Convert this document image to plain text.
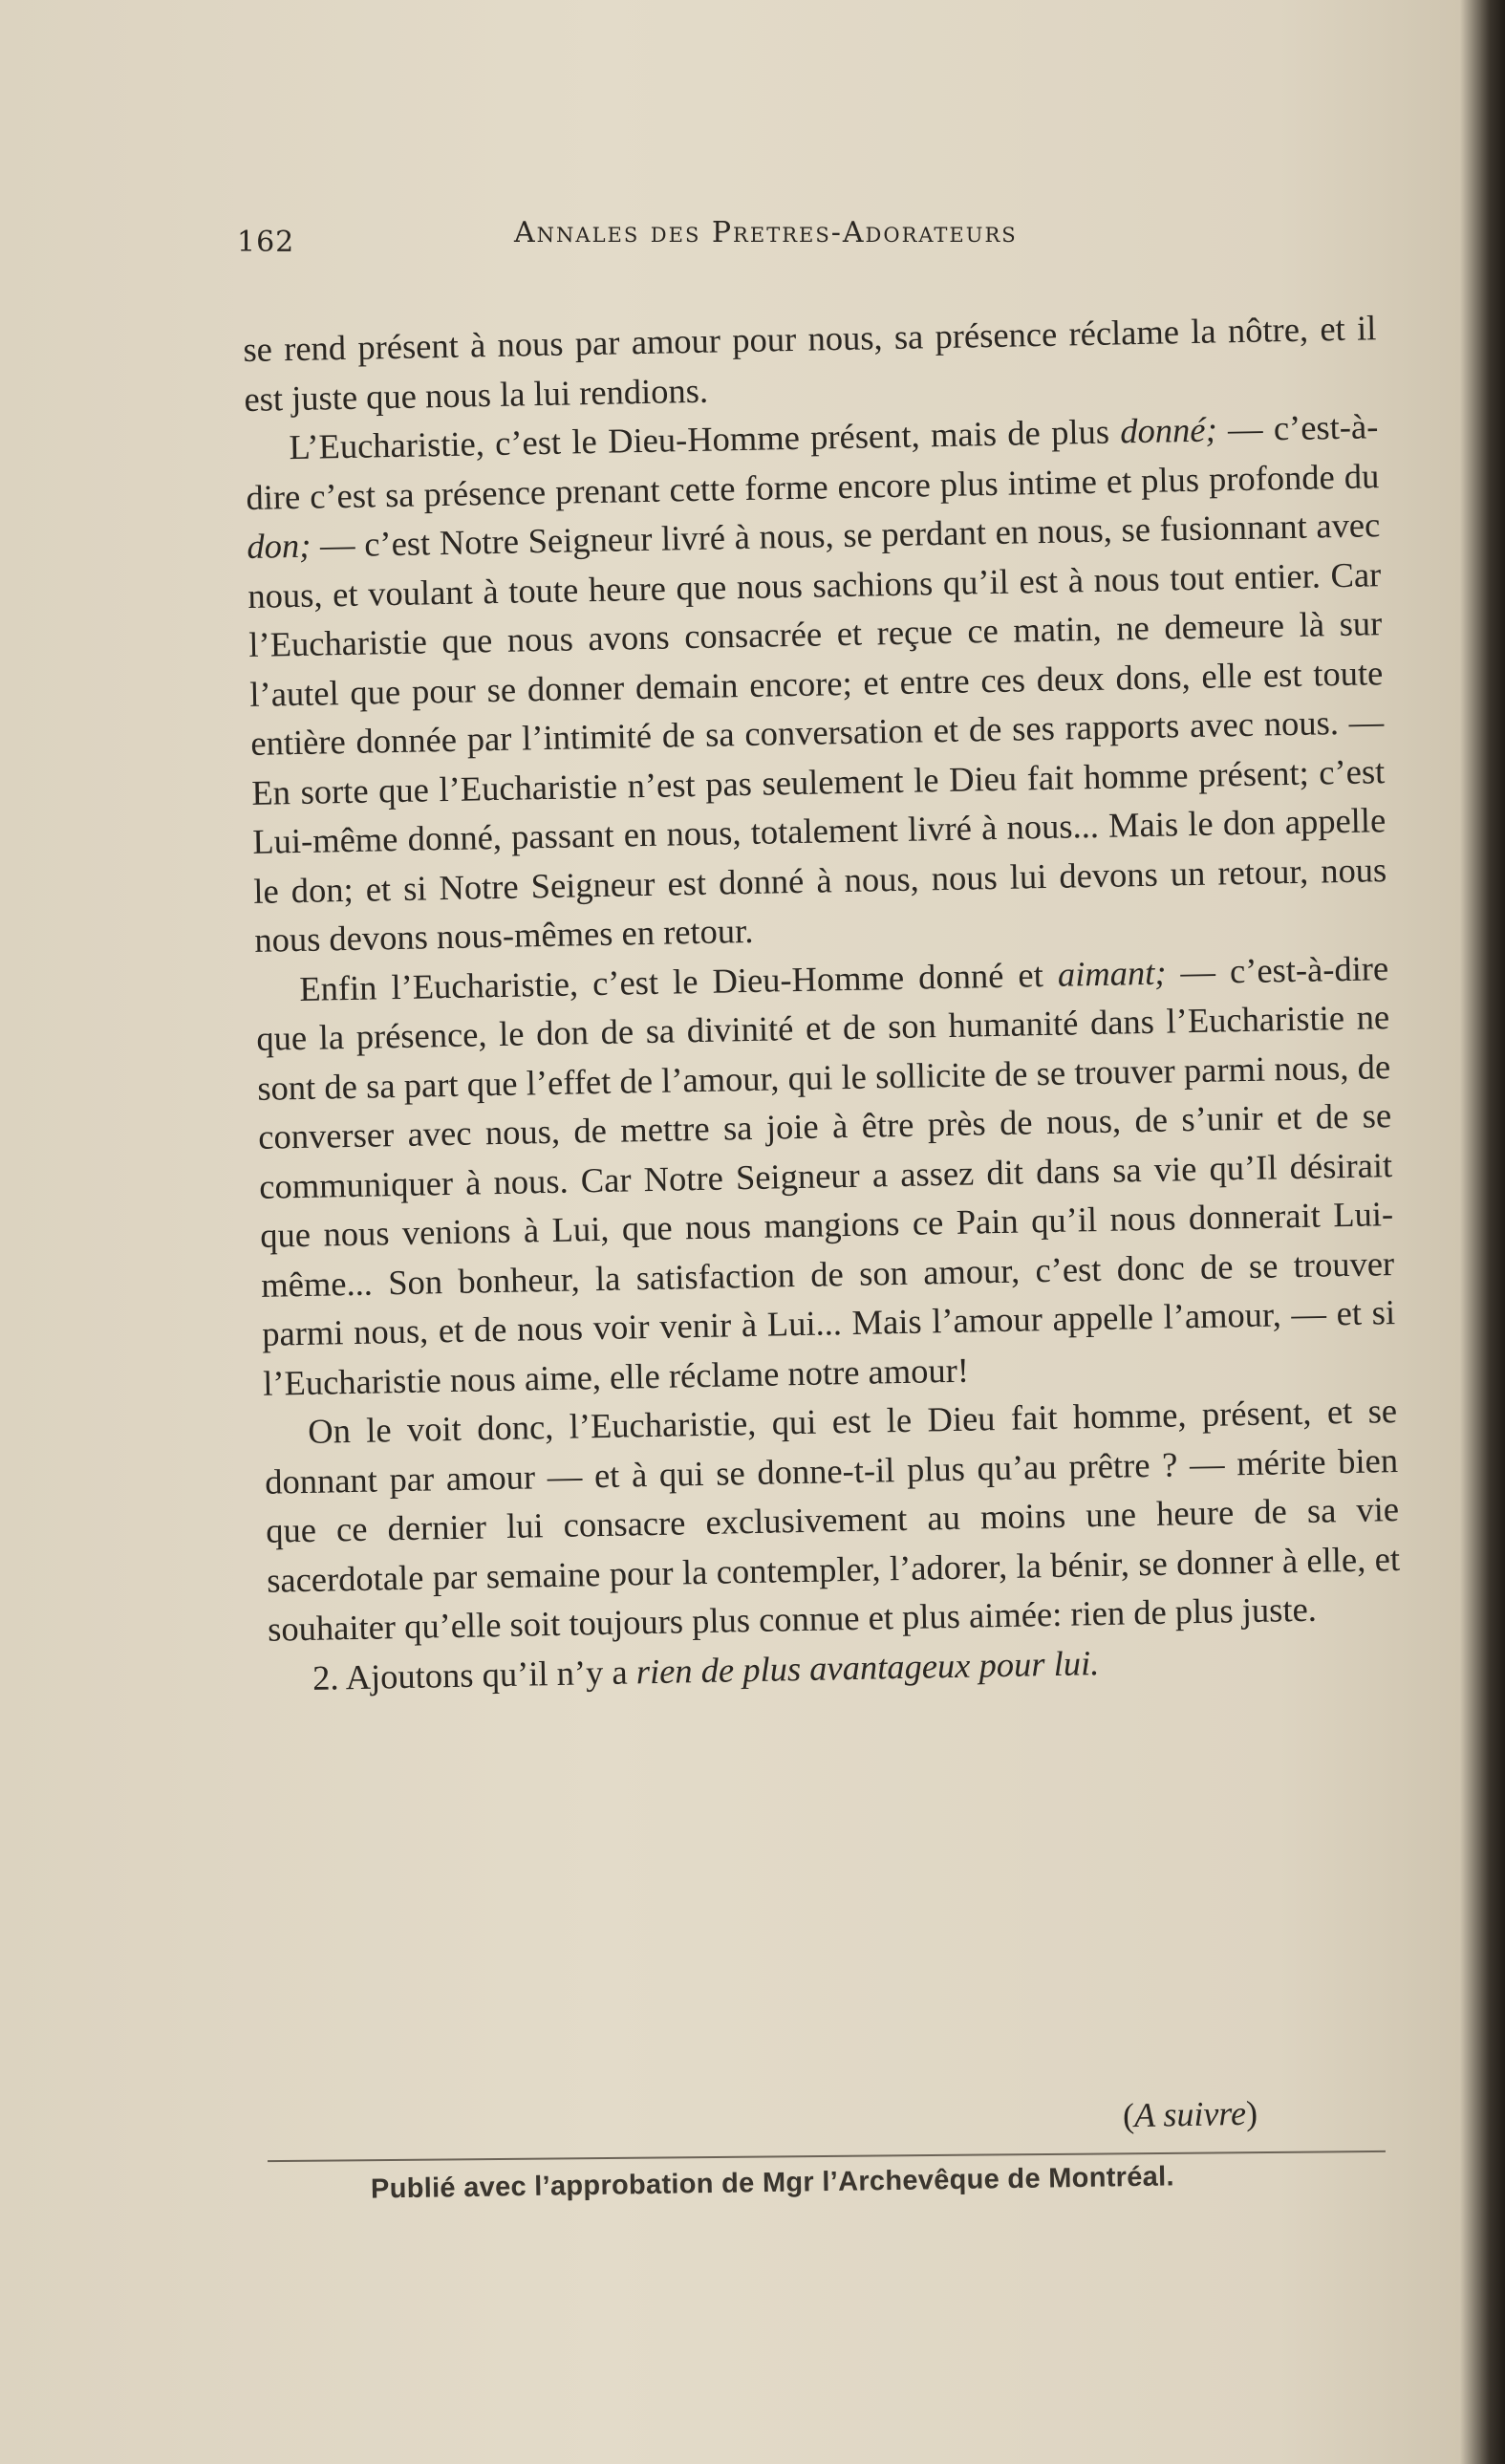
162	Annales des Pretres-Adorateurs

se rend présent à nous par amour pour nous, sa présence réclame la nôtre, et il est juste que nous la lui rendions.

L’Eucharistie, c’est le Dieu-Homme présent, mais de plus donné; — c’est-à-dire c’est sa présence prenant cette forme encore plus intime et plus profonde du don; — c’est Notre Seigneur livré à nous, se perdant en nous, se fusionnant avec nous, et voulant à toute heure que nous sachions qu’il est à nous tout entier. Car l’Eucharistie que nous avons consacrée et reçue ce matin, ne demeure là sur l’autel que pour se donner demain encore; et entre ces deux dons, elle est toute entière donnée par l’intimité de sa conversation et de ses rapports avec nous. — En sorte que l’Eucharistie n’est pas seulement le Dieu fait homme présent; c’est Lui-même donné, passant en nous, totalement livré à nous... Mais le don appelle le don; et si Notre Seigneur est donné à nous, nous lui devons un retour, nous nous devons nous-mêmes en retour.

Enfin l’Eucharistie, c’est le Dieu-Homme donné et aimant; — c’est-à-dire que la présence, le don de sa divinité et de son humanité dans l’Eucharistie ne sont de sa part que l’effet de l’amour, qui le sollicite de se trouver parmi nous, de converser avec nous, de mettre sa joie à être près de nous, de s’unir et de se communiquer à nous. Car Notre Seigneur a assez dit dans sa vie qu’Il désirait que nous venions à Lui, que nous mangions ce Pain qu’il nous donnerait Lui-même... Son bonheur, la satisfaction de son amour, c’est donc de se trouver parmi nous, et de nous voir venir à Lui... Mais l’amour appelle l’amour, — et si l’Eucharistie nous aime, elle réclame notre amour!

On le voit donc, l’Eucharistie, qui est le Dieu fait homme, présent, et se donnant par amour — et à qui se donne-t-il plus qu’au prêtre ? — mérite bien que ce dernier lui consacre exclusivement au moins une heure de sa vie sacerdotale par semaine pour la contempler, l’adorer, la bénir, se donner à elle, et souhaiter qu’elle soit toujours plus connue et plus aimée: rien de plus juste.

2. Ajoutons qu’il n’y a rien de plus avantageux pour lui.

(A suivre)
Publié avec l’approbation de Mgr l’Archevêque de Montréal.
